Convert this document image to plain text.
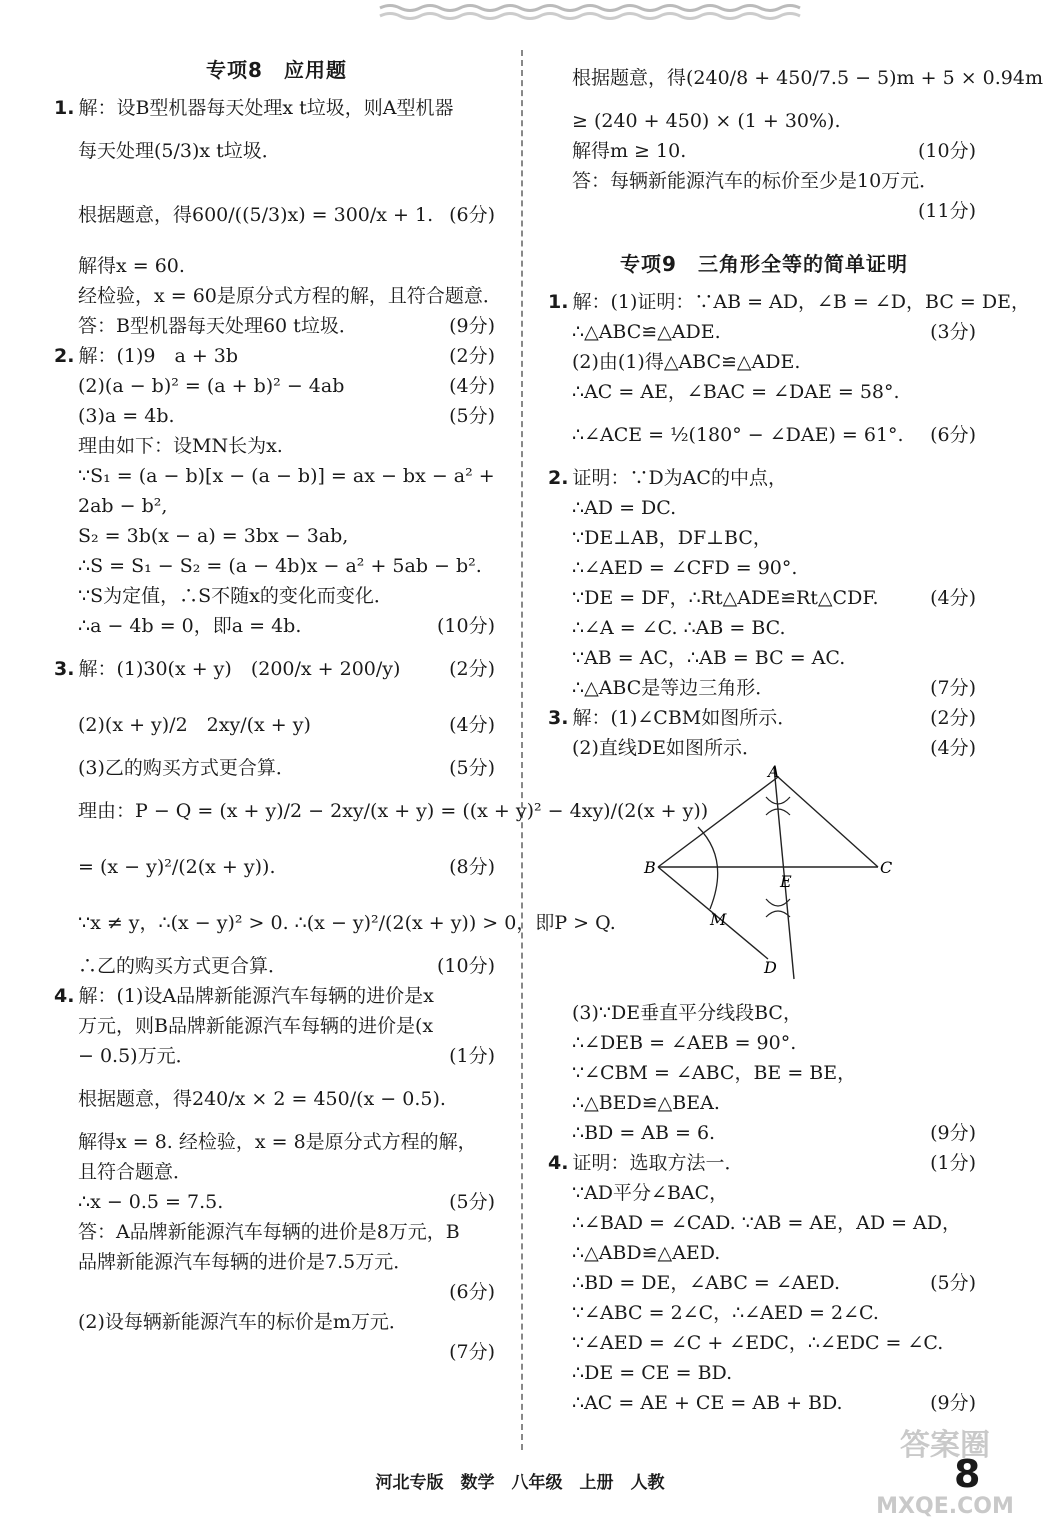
专项8　应用题
1. 解：设B型机器每天处理x t垃圾，则A型机器
每天处理(5/3)x t垃圾．
根据题意，得600/((5/3)x) = 300/x + 1. (6分)
解得x = 60.
经检验，x = 60是原分式方程的解，且符合题意．
答：B型机器每天处理60 t垃圾．	(9分)
2. 解：(1)9　a + 3b	(2分)
(2)(a − b)² = (a + b)² − 4ab	(4分)
(3)a = 4b.	(5分)
理由如下：设MN长为x.
∵S₁ = (a − b)[x − (a − b)] = ax − bx − a² +
2ab − b²,
S₂ = 3b(x − a) = 3bx − 3ab,
∴S = S₁ − S₂ = (a − 4b)x − a² + 5ab − b².
∵S为定值，∴S不随x的变化而变化．
∴a − 4b = 0，即a = 4b.	(10分)
3. 解：(1)30(x + y)　(200/x + 200/y)	(2分)
(2)(x + y)/2　2xy/(x + y)	(4分)
(3)乙的购买方式更合算．	(5分)
理由：P − Q = (x + y)/2 − 2xy/(x + y) = ((x + y)² − 4xy)/(2(x + y))
= (x − y)²/(2(x + y)).	(8分)
∵x ≠ y，∴(x − y)² > 0. ∴(x − y)²/(2(x + y)) > 0，即P > Q.
∴乙的购买方式更合算．	(10分)
4. 解：(1)设A品牌新能源汽车每辆的进价是x
万元，则B品牌新能源汽车每辆的进价是(x
− 0.5)万元．	(1分)
根据题意，得240/x × 2 = 450/(x − 0.5).
解得x = 8. 经检验，x = 8是原分式方程的解，
且符合题意．
∴x − 0.5 = 7.5.	(5分)
答：A品牌新能源汽车每辆的进价是8万元，B
品牌新能源汽车每辆的进价是7.5万元．
(6分)
(2)设每辆新能源汽车的标价是m万元．
(7分)
根据题意，得(240/8 + 450/7.5 − 5)m + 5 × 0.94m
≥ (240 + 450) × (1 + 30%).
解得m ≥ 10.	(10分)
答：每辆新能源汽车的标价至少是10万元．
(11分)
专项9　三角形全等的简单证明
1. 解：(1)证明：∵AB = AD，∠B = ∠D，BC = DE，
∴△ABC≌△ADE.	(3分)
(2)由(1)得△ABC≌△ADE.
∴AC = AE，∠BAC = ∠DAE = 58°.
∴∠ACE = ½(180° − ∠DAE) = 61°. (6分)
2. 证明：∵D为AC的中点，
∴AD = DC.
∵DE⊥AB，DF⊥BC，
∴∠AED = ∠CFD = 90°.
∵DE = DF，∴Rt△ADE≌Rt△CDF.	(4分)
∴∠A = ∠C. ∴AB = BC.
∵AB = AC，∴AB = BC = AC.
∴△ABC是等边三角形．	(7分)
3. 解：(1)∠CBM如图所示．	(2分)
(2)直线DE如图所示．	(4分)
A
B	C
D
E
M
(3)∵DE垂直平分线段BC，
∴∠DEB = ∠AEB = 90°.
∵∠CBM = ∠ABC，BE = BE，
∴△BED≌△BEA.
∴BD = AB = 6.	(9分)
4. 证明：选取方法一．	(1分)
∵AD平分∠BAC，
∴∠BAD = ∠CAD. ∵AB = AE，AD = AD，
∴△ABD≌△AED.
∴BD = DE，∠ABC = ∠AED.	(5分)
∵∠ABC = 2∠C，∴∠AED = 2∠C.
∵∠AED = ∠C + ∠EDC，∴∠EDC = ∠C.
∴DE = CE = BD.
∴AC = AE + CE = AB + BD.	(9分)
河北专版　数学　八年级　上册　人教	8
答案圈
MXQE.COM
